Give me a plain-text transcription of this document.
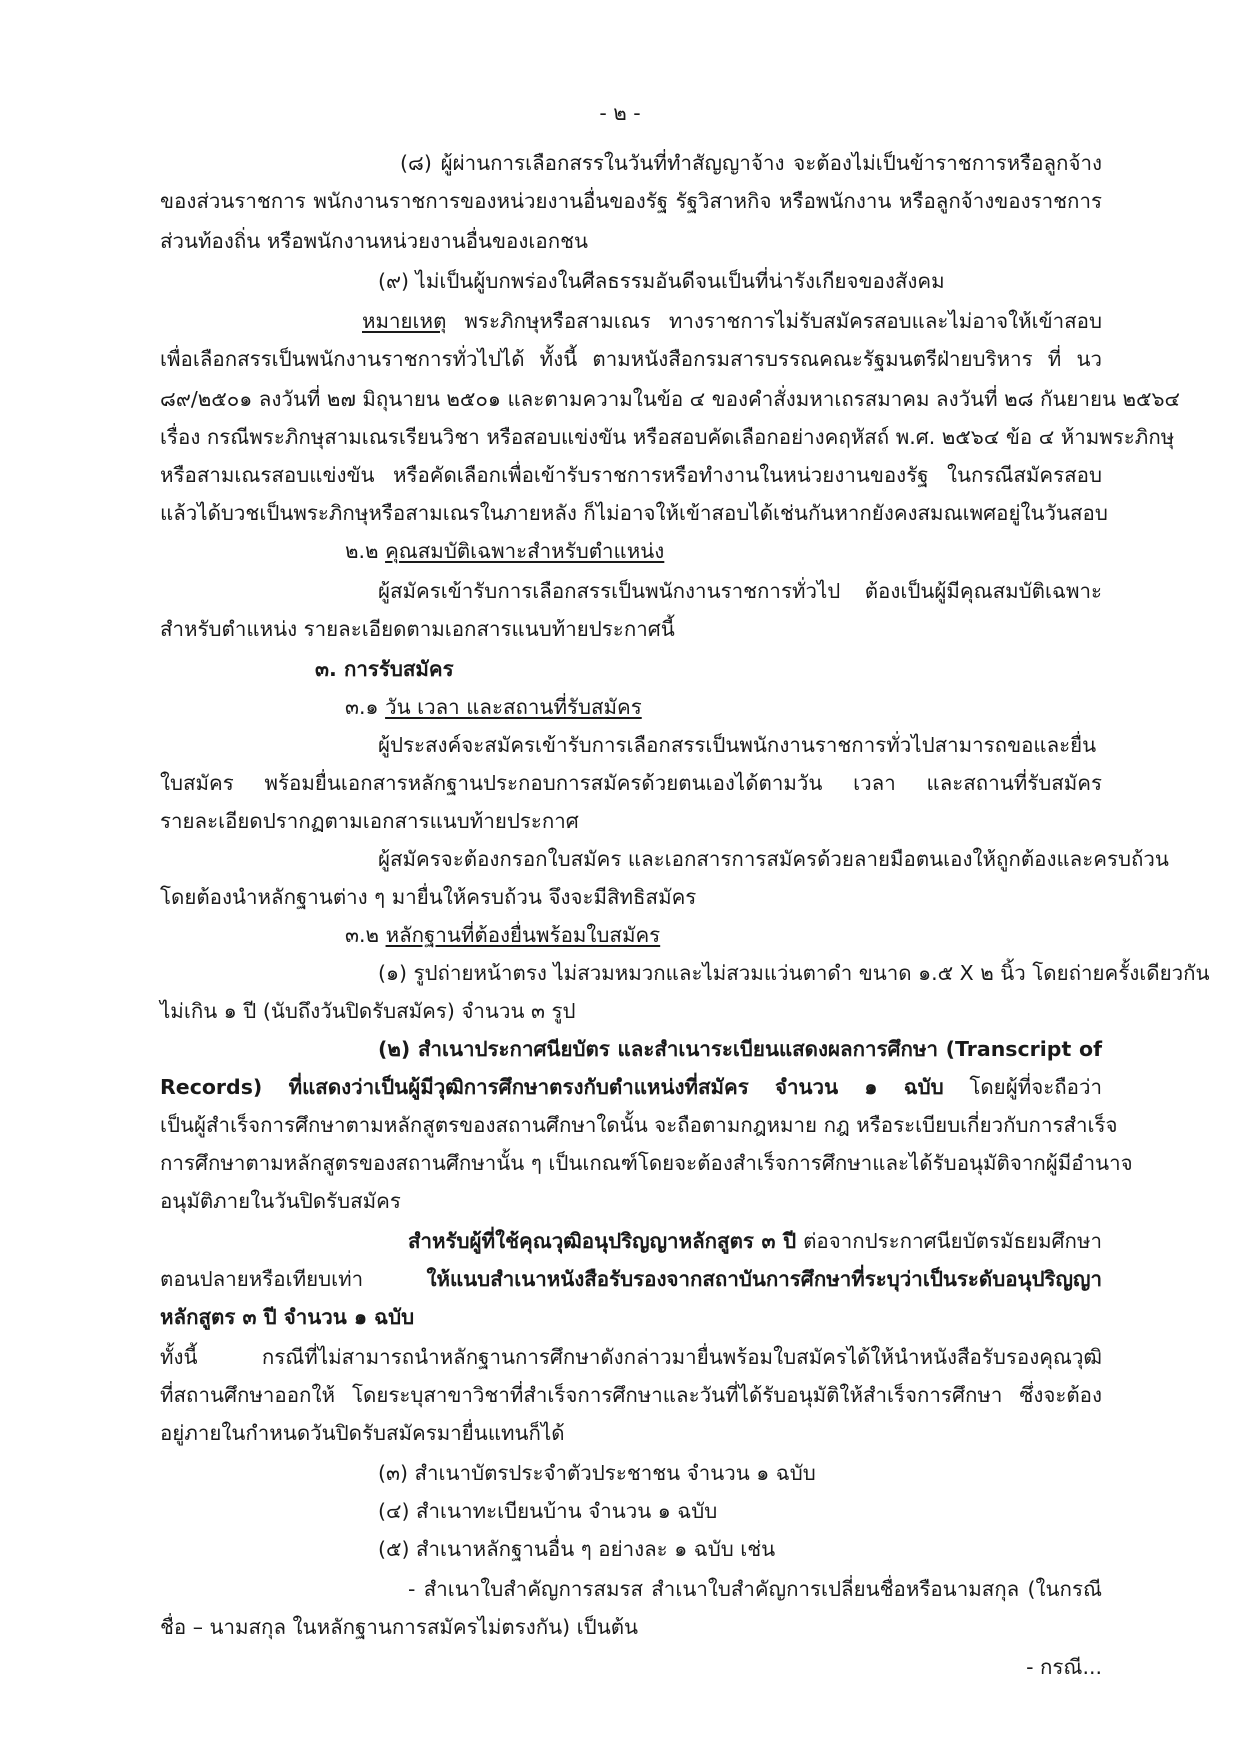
- ๒ -
(๘) ผู้ผ่านการเลือกสรรในวันที่ทำสัญญาจ้าง จะต้องไม่เป็นข้าราชการหรือลูกจ้าง
ของส่วนราชการ พนักงานราชการของหน่วยงานอื่นของรัฐ รัฐวิสาหกิจ หรือพนักงาน หรือลูกจ้างของราชการ
ส่วนท้องถิ่น หรือพนักงานหน่วยงานอื่นของเอกชน
(๙) ไม่เป็นผู้บกพร่องในศีลธรรมอันดีจนเป็นที่น่ารังเกียจของสังคม
หมายเหตุ พระภิกษุหรือสามเณร ทางราชการไม่รับสมัครสอบและไม่อาจให้เข้าสอบ
เพื่อเลือกสรรเป็นพนักงานราชการทั่วไปได้ ทั้งนี้ ตามหนังสือกรมสารบรรณคณะรัฐมนตรีฝ่ายบริหาร ที่ นว
๘๙/๒๕๐๑ ลงวันที่ ๒๗ มิถุนายน ๒๕๐๑ และตามความในข้อ ๔ ของคำสั่งมหาเถรสมาคม ลงวันที่ ๒๘ กันยายน ๒๕๖๔
เรื่อง กรณีพระภิกษุสามเณรเรียนวิชา หรือสอบแข่งขัน หรือสอบคัดเลือกอย่างคฤหัสถ์ พ.ศ. ๒๕๖๔ ข้อ ๔ ห้ามพระภิกษุ
หรือสามเณรสอบแข่งขัน หรือคัดเลือกเพื่อเข้ารับราชการหรือทำงานในหน่วยงานของรัฐ ในกรณีสมัครสอบ
แล้วได้บวชเป็นพระภิกษุหรือสามเณรในภายหลัง ก็ไม่อาจให้เข้าสอบได้เช่นกันหากยังคงสมณเพศอยู่ในวันสอบ
๒.๒ คุณสมบัติเฉพาะสำหรับตำแหน่ง
ผู้สมัครเข้ารับการเลือกสรรเป็นพนักงานราชการทั่วไป ต้องเป็นผู้มีคุณสมบัติเฉพาะ
สำหรับตำแหน่ง รายละเอียดตามเอกสารแนบท้ายประกาศนี้
๓. การรับสมัคร
๓.๑ วัน เวลา และสถานที่รับสมัคร
ผู้ประสงค์จะสมัครเข้ารับการเลือกสรรเป็นพนักงานราชการทั่วไปสามารถขอและยื่น
ใบสมัคร พร้อมยื่นเอกสารหลักฐานประกอบการสมัครด้วยตนเองได้ตามวัน เวลา และสถานที่รับสมัคร
รายละเอียดปรากฏตามเอกสารแนบท้ายประกาศ
ผู้สมัครจะต้องกรอกใบสมัคร และเอกสารการสมัครด้วยลายมือตนเองให้ถูกต้องและครบถ้วน
โดยต้องนำหลักฐานต่าง ๆ มายื่นให้ครบถ้วน จึงจะมีสิทธิสมัคร
๓.๒ หลักฐานที่ต้องยื่นพร้อมใบสมัคร
(๑) รูปถ่ายหน้าตรง ไม่สวมหมวกและไม่สวมแว่นตาดำ ขนาด ๑.๕ X ๒ นิ้ว โดยถ่ายครั้งเดียวกัน
ไม่เกิน ๑ ปี (นับถึงวันปิดรับสมัคร) จำนวน ๓ รูป
(๒) สำเนาประกาศนียบัตร และสำเนาระเบียนแสดงผลการศึกษา (Transcript of
Records) ที่แสดงว่าเป็นผู้มีวุฒิการศึกษาตรงกับตำแหน่งที่สมัคร จำนวน ๑ ฉบับ โดยผู้ที่จะถือว่า
เป็นผู้สำเร็จการศึกษาตามหลักสูตรของสถานศึกษาใดนั้น จะถือตามกฎหมาย กฎ หรือระเบียบเกี่ยวกับการสำเร็จ
การศึกษาตามหลักสูตรของสถานศึกษานั้น ๆ เป็นเกณฑ์โดยจะต้องสำเร็จการศึกษาและได้รับอนุมัติจากผู้มีอำนาจ
อนุมัติภายในวันปิดรับสมัคร
สำหรับผู้ที่ใช้คุณวุฒิอนุปริญญาหลักสูตร ๓ ปี ต่อจากประกาศนียบัตรมัธยมศึกษา
ตอนปลายหรือเทียบเท่า ให้แนบสำเนาหนังสือรับรองจากสถาบันการศึกษาที่ระบุว่าเป็นระดับอนุปริญญา
หลักสูตร ๓ ปี จำนวน ๑ ฉบับ
ทั้งนี้ กรณีที่ไม่สามารถนำหลักฐานการศึกษาดังกล่าวมายื่นพร้อมใบสมัครได้ให้นำหนังสือรับรองคุณวุฒิ
ที่สถานศึกษาออกให้ โดยระบุสาขาวิชาที่สำเร็จการศึกษาและวันที่ได้รับอนุมัติให้สำเร็จการศึกษา ซึ่งจะต้อง
อยู่ภายในกำหนดวันปิดรับสมัครมายื่นแทนก็ได้
(๓) สำเนาบัตรประจำตัวประชาชน จำนวน ๑ ฉบับ
(๔) สำเนาทะเบียนบ้าน จำนวน ๑ ฉบับ
(๕) สำเนาหลักฐานอื่น ๆ อย่างละ ๑ ฉบับ เช่น
- สำเนาใบสำคัญการสมรส สำเนาใบสำคัญการเปลี่ยนชื่อหรือนามสกุล (ในกรณี
ชื่อ – นามสกุล ในหลักฐานการสมัครไม่ตรงกัน) เป็นต้น
- กรณี...
